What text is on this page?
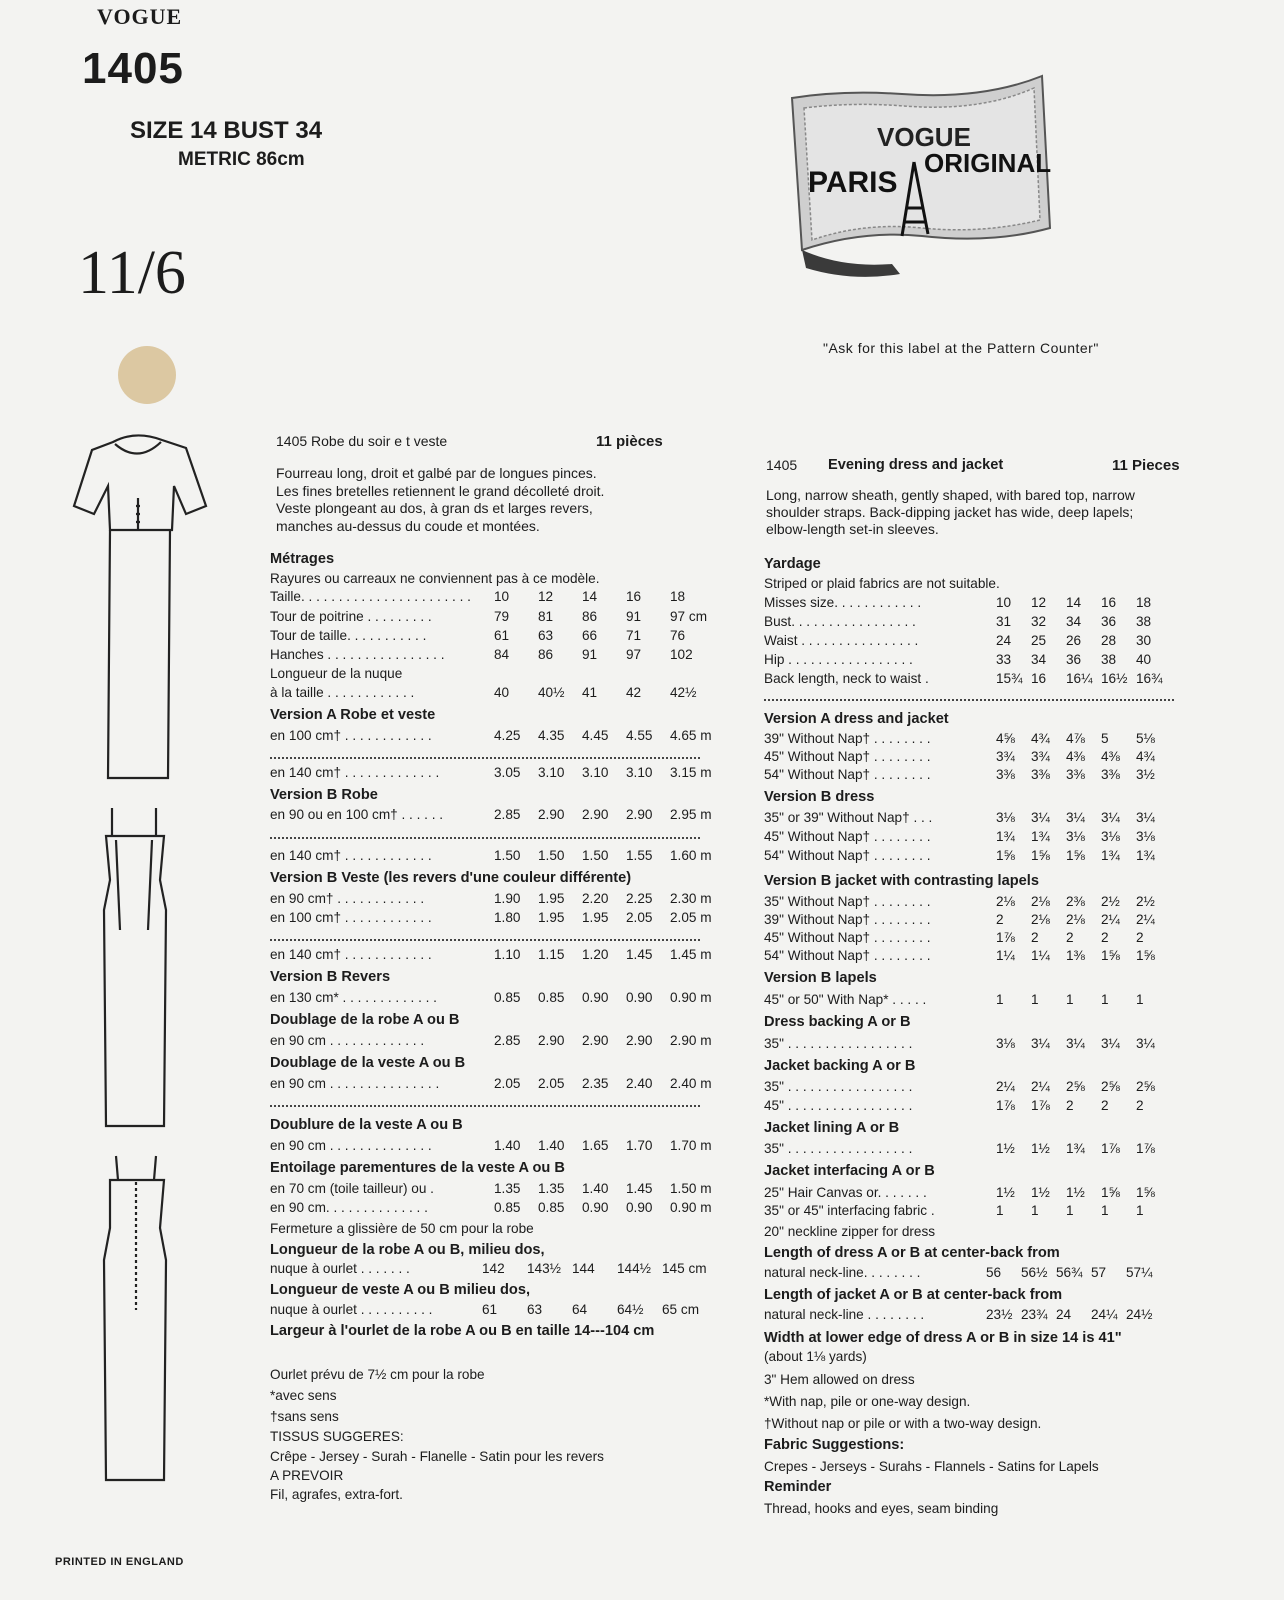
VOGUE
1405
SIZE 14 BUST 34
METRIC 86cm
11/6
VOGUE
PARIS
ORIGINAL
"Ask for this label at the Pattern Counter"
1405 Robe du soir e t veste	11 pièces
Fourreau long, droit et galbé par de longues pinces.
Les fines bretelles retiennent le grand décolleté droit.
Veste plongeant au dos, à gran ds et larges revers,
manches au-dessus du coude et montées.
Métrages
Rayures ou carreaux ne conviennent pas à ce modèle.
Taille. . . . . . . . . . . . . . . . . . . . . . . 10 12 14 16 18
Tour de poitrine . . . . . . . . .	79 81 86 91 97 cm
Tour de taille. . . . . . . . . . .	61 63 66 71 76
Hanches . . . . . . . . . . . . . . . .	84 86 91 97 102
Longueur de la nuque
à la taille . . . . . . . . . . . .	40 40½ 41 42 42½
Version A Robe et veste
en 100 cm† . . . . . . . . . . . .	4.25 4.35 4.45 4.55 4.65 m
en 140 cm† . . . . . . . . . . . . .	3.05 3.10 3.10 3.10 3.15 m
Version B Robe
en 90 ou en 100 cm† . . . . . .	2.85 2.90 2.90 2.90 2.95 m
en 140 cm† . . . . . . . . . . . .	1.50 1.50 1.50 1.55 1.60 m
Version B Veste (les revers d'une couleur différente)
en 90 cm† . . . . . . . . . . . .	1.90 1.95 2.20 2.25 2.30 m
en 100 cm† . . . . . . . . . . . .	1.80 1.95 1.95 2.05 2.05 m
en 140 cm† . . . . . . . . . . . .	1.10 1.15 1.20 1.45 1.45 m
Version B Revers
en 130 cm* . . . . . . . . . . . . .	0.85 0.85 0.90 0.90 0.90 m
Doublage de la robe A ou B
en 90 cm . . . . . . . . . . . . .	2.85 2.90 2.90 2.90 2.90 m
Doublage de la veste A ou B
en 90 cm . . . . . . . . . . . . . . .	2.05 2.05 2.35 2.40 2.40 m
Doublure de la veste A ou B
en 90 cm . . . . . . . . . . . . . .	1.40 1.40 1.65 1.70 1.70 m
Entoilage parementures de la veste A ou B
en 70 cm (toile tailleur) ou .	1.35 1.35 1.40 1.45 1.50 m
en 90 cm. . . . . . . . . . . . . .	0.85 0.85 0.90 0.90 0.90 m
Fermeture a glissière de 50 cm pour la robe
Longueur de la robe A ou B, milieu dos,
nuque à ourlet . . . . . . .	142 143½ 144 144½ 145 cm
Longueur de veste A ou B milieu dos,
nuque à ourlet . . . . . . . . . .	61 63 64 64½ 65 cm
Largeur à l'ourlet de la robe A ou B en taille 14---104 cm
Ourlet prévu de 7½ cm pour la robe
*avec sens
†sans sens
TISSUS SUGGERES:
Crêpe - Jersey - Surah - Flanelle - Satin pour les revers
A PREVOIR
Fil, agrafes, extra-fort.
1405 Evening dress and jacket	11 Pieces
Long, narrow sheath, gently shaped, with bared top, narrow
shoulder straps. Back-dipping jacket has wide, deep lapels;
elbow-length set-in sleeves.
Yardage
Striped or plaid fabrics are not suitable.
Misses size. . . . . . . . . . . .	10 12 14 16 18
Bust. . . . . . . . . . . . . . . . .	31 32 34 36 38
Waist . . . . . . . . . . . . . . . .	24 25 26 28 30
Hip . . . . . . . . . . . . . . . . .	33 34 36 38 40
Back length, neck to waist .	15¾ 16 16¼ 16½ 16¾
Version A dress and jacket
39" Without Nap† . . . . . . . .	4⅝ 4¾ 4⅞ 5 5⅛
45" Without Nap† . . . . . . . .	3¾ 3¾ 4⅜ 4⅜ 4¾
54" Without Nap† . . . . . . . .	3⅜ 3⅜ 3⅜ 3⅜ 3½
Version B dress
35" or 39" Without Nap† . . .	3⅛ 3¼ 3¼ 3¼ 3¼
45" Without Nap† . . . . . . . .	1¾ 1¾ 3⅛ 3⅛ 3⅛
54" Without Nap† . . . . . . . .	1⅝ 1⅝ 1⅝ 1¾ 1¾
Version B jacket with contrasting lapels
35" Without Nap† . . . . . . . .	2⅛ 2⅛ 2⅜ 2½ 2½
39" Without Nap† . . . . . . . .	2 2⅛ 2⅛ 2¼ 2¼
45" Without Nap† . . . . . . . .	1⅞ 2 2 2 2
54" Without Nap† . . . . . . . .	1¼ 1¼ 1⅜ 1⅝ 1⅝
Version B lapels
45" or 50" With Nap* . . . . .	1 1 1 1 1
Dress backing A or B
35" . . . . . . . . . . . . . . . . .	3⅛ 3¼ 3¼ 3¼ 3¼
Jacket backing A or B
35" . . . . . . . . . . . . . . . . .	2¼ 2¼ 2⅝ 2⅝ 2⅝
45" . . . . . . . . . . . . . . . . .	1⅞ 1⅞ 2 2 2
Jacket lining A or B
35" . . . . . . . . . . . . . . . . .	1½ 1½ 1¾ 1⅞ 1⅞
Jacket interfacing A or B
25" Hair Canvas or. . . . . . .	1½ 1½ 1½ 1⅝ 1⅝
35" or 45" interfacing fabric .	1 1 1 1 1
20" neckline zipper for dress
Length of dress A or B at center-back from
natural neck-line. . . . . . . .	56 56½ 56¾ 57 57¼
Length of jacket A or B at center-back from
natural neck-line . . . . . . . .	23½ 23¾ 24 24¼ 24½
Width at lower edge of dress A or B in size 14 is 41"
(about 1⅛ yards)
3" Hem allowed on dress
*With nap, pile or one-way design.
†Without nap or pile or with a two-way design.
Fabric Suggestions:
Crepes - Jerseys - Surahs - Flannels - Satins for Lapels
Reminder
Thread, hooks and eyes, seam binding
PRINTED IN ENGLAND
